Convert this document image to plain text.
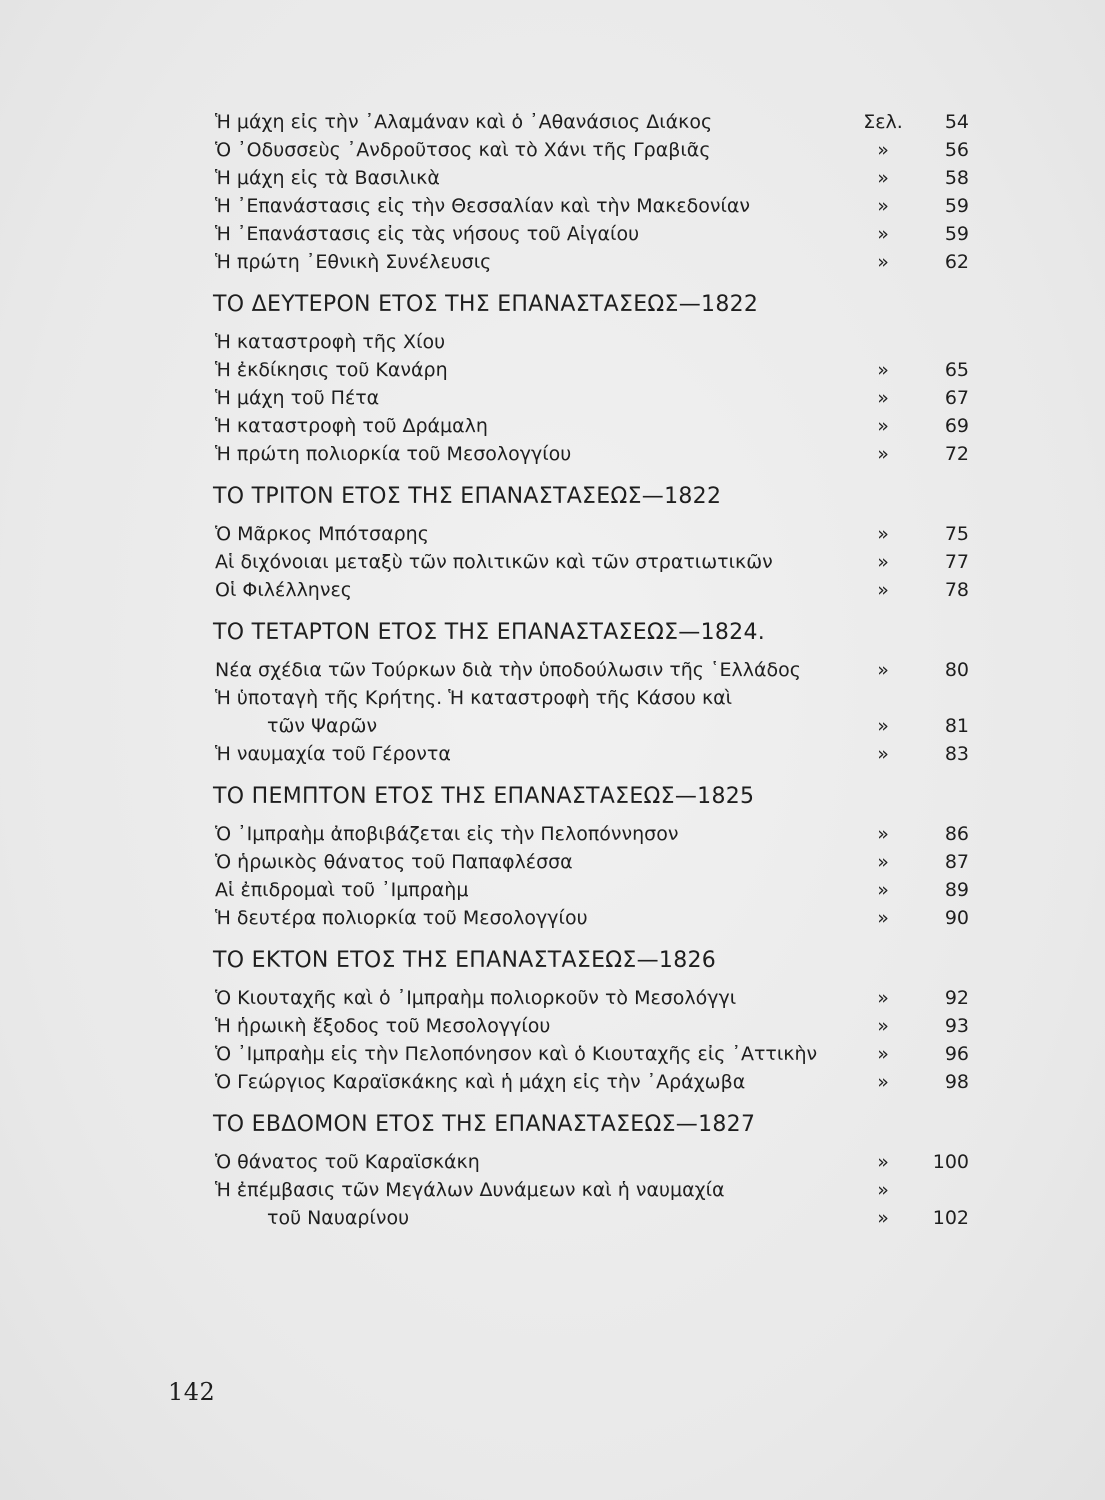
Ἡ μάχη εἰς τὴν ᾽Αλαμάναν καὶ ὁ ᾽Αθανάσιος Διάκος	Σελ.	54
Ὁ ᾽Οδυσσεὺς ᾽Ανδροῦτσος καὶ τὸ Χάνι τῆς Γραβιᾶς	»	56
Ἡ μάχη εἰς τὰ Βασιλικὰ	»	58
Ἡ ᾽Επανάστασις εἰς τὴν Θεσσαλίαν καὶ τὴν Μακεδονίαν	»	59
Ἡ ᾽Επανάστασις εἰς τὰς νήσους τοῦ Αἰγαίου	»	59
Ἡ πρώτη ᾽Εθνικὴ Συνέλευσις	»	62
ΤΟ ΔΕΥΤΕΡΟΝ ΕΤΟΣ ΤΗΣ ΕΠΑΝΑΣΤΑΣΕΩΣ—1822
Ἡ καταστροφὴ τῆς Χίου
Ἡ ἐκδίκησις τοῦ Κανάρη	»	65
Ἡ μάχη τοῦ Πέτα	»	67
Ἡ καταστροφὴ τοῦ Δράμαλη	»	69
Ἡ πρώτη πολιορκία τοῦ Μεσολογγίου	»	72
ΤΟ ΤΡΙΤΟΝ ΕΤΟΣ ΤΗΣ ΕΠΑΝΑΣΤΑΣΕΩΣ—1822
Ὁ Μᾶρκος Μπότσαρης	»	75
Αἱ διχόνοιαι μεταξὺ τῶν πολιτικῶν καὶ τῶν στρατιωτικῶν	»	77
Οἱ Φιλέλληνες	»	78
ΤΟ ΤΕΤΑΡΤΟΝ ΕΤΟΣ ΤΗΣ ΕΠΑΝΑΣΤΑΣΕΩΣ—1824.
Νέα σχέδια τῶν Τούρκων διὰ τὴν ὑποδούλωσιν τῆς ῾Ελλάδος	»	80
Ἡ ὑποταγὴ τῆς Κρήτης. Ἡ καταστροφὴ τῆς Κάσου καὶ
τῶν Ψαρῶν	»	81
Ἡ ναυμαχία τοῦ Γέροντα	»	83
ΤΟ ΠΕΜΠΤΟΝ ΕΤΟΣ ΤΗΣ ΕΠΑΝΑΣΤΑΣΕΩΣ—1825
Ὁ ᾽Ιμπραὴμ ἀποβιβάζεται εἰς τὴν Πελοπόννησον	»	86
Ὁ ἡρωικὸς θάνατος τοῦ Παπαφλέσσα	»	87
Αἱ ἐπιδρομαὶ τοῦ ᾽Ιμπραὴμ	»	89
Ἡ δευτέρα πολιορκία τοῦ Μεσολογγίου	»	90
ΤΟ ΕΚΤΟΝ ΕΤΟΣ ΤΗΣ ΕΠΑΝΑΣΤΑΣΕΩΣ—1826
Ὁ Κιουταχῆς καὶ ὁ ᾽Ιμπραὴμ πολιορκοῦν τὸ Μεσολόγγι	»	92
Ἡ ἡρωικὴ ἔξοδος τοῦ Μεσολογγίου	»	93
Ὁ ᾽Ιμπραὴμ εἰς τὴν Πελοπόνησον καὶ ὁ Κιουταχῆς εἰς ᾽Αττικὴν	»	96
Ὁ Γεώργιος Καραϊσκάκης καὶ ἡ μάχη εἰς τὴν ᾽Αράχωβα	»	98
ΤΟ ΕΒΔΟΜΟΝ ΕΤΟΣ ΤΗΣ ΕΠΑΝΑΣΤΑΣΕΩΣ—1827
Ὁ θάνατος τοῦ Καραϊσκάκη	»	100
Ἡ ἐπέμβασις τῶν Μεγάλων Δυνάμεων καὶ ἡ ναυμαχία	»
τοῦ Ναυαρίνου	»	102
142
